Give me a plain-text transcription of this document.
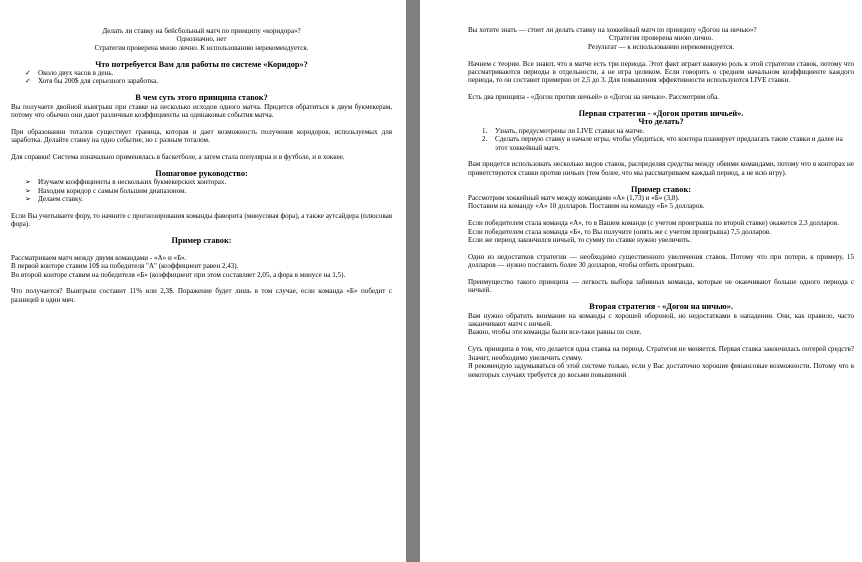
Делать ли ставку на бейсбольный матч по принципу «коридора»?

Однозначно, нет

Стратегия проверена мною лично. К использованию нерекомендуется.

Что потребуется Вам для работы по системе «Коридор»?
✓ Около двух часов в день.
✓ Хотя бы 200$ для серьезного заработка.
В чем суть этого принципа ставок?

Вы получаете двойной выигрыш при ставке на несколько исходов одного матча. Придется обратиться к двум букмекерам, потому что обычно они дают различные коэффициенты на одинаковые события матча.

При образовании тоталов существует граница, которая и дает возможность получения коридоров, используемых для заработка. Делайте ставку на одно событие, но с разным тоталом.

Для справки! Система изначально применялась в баскетболе, а затем стала популярна и в футболе, и в хоккее.

Пошаговое руководство:
➢ Изучаем коэффициенты в нескольких букмекерских конторах.
➢ Находим коридор с самым большим диапазоном.
➢ Делаем ставку.

Если Вы учитываете фору, то начните с прогнозирования команды фаворита (минусовая фора), а также аутсайдера (плюсовая фора).

Пример ставок:

Рассматриваем матч между двумя командами - «А» и «Б».

В первой конторе ставим 10$ на победителя "А" (коэффициент равен 2,43).

Во второй конторе ставим на победителя «Б» (коэффициент при этом составляет 2,05, а фора в минусе на 1,5).

Что получается? Выигрыш составит 11% или 2,3$. Поражение будет лишь в том случае, если команда «Б» победит с разницей в один мяч.

Вы хотите знать — стоит ли делать ставку на хоккейный матч по принципу «Догон на ничью»?

Стратегия проверена мною лично.

Результат — к использованию нерекомендуется.

Начнем с теории. Все знают, что в матче есть три периода. Этот факт играет важную роль к этой стратегии ставок, потому что рассматриваются периоды в отдельности, а не игра целиком. Если говорить о среднем начальном коэффициенте каждого периода, то он составит примерно от 2,5 до 3. Для повышения эффективности используются LIVE ставки.

Есть два принципа - «Догон против ничьей» и «Догон на ничью». Рассмотрим оба.

Первая стратегия - «Догон против ничьей».
Что делать?
1. Узнать, предусмотрены ли LIVE ставки на матче.
2. Сделать первую ставку в начале игры, чтобы убедиться, что контора планирует предлагать такие ставки и далее на этот хоккейный матч.

Вам придется использовать несколько видов ставок, распределяя средства между обеими командами, потому что в конторах не приветствуются ставки против ничьих (тем более, что мы рассматриваем каждый период, а не всю игру).

Пример ставок:

Рассмотрим хоккейный матч между командами «А» (1,73) и «Б» (3,8).

Поставим на команду «А» 10 долларов. Поставим на команду «Б» 5 долларов.

Если победителем стала команда «А», то в Вашем команде (с учетом проигрыша по второй ставке) окажется 2,3 долларов.

Если победителем стала команда «Б», то Вы получите (опять же с учетом проигрыша) 7,5 долларов.

Если же период закончился ничьей, то сумму по ставке нужно увеличить.

Один из недостатков стратегии — необходимо существенного увеличения ставок. Потому что при потери, к примеру, 15 долларов — нужно поставить более 30 долларов, чтобы отбить проигрыш.

Преимущество такого принципа — легкость выбора забивных команда, которые не оканчивают больше одного периода с ничьей.

Вторая стратегия - «Догон на ничью».

Вам нужно обратить внимание на команды с хорошей обороной, но недостатками в нападении. Они, как правило, часто заканчивают матч с ничьей.

Важно, чтобы эти команды были все-таки равны по силе.

Суть принципа в том, что делается одна ставка на период. Стратегия не меняется. Первая ставка закончилась потерей средств? Значит, необходимо увеличить сумму.

Я рекомендую задумываться об этой системе только, если у Вас достаточно хорошие финансовые возможности. Потому что в некоторых случаях требуется до восьми повышений
